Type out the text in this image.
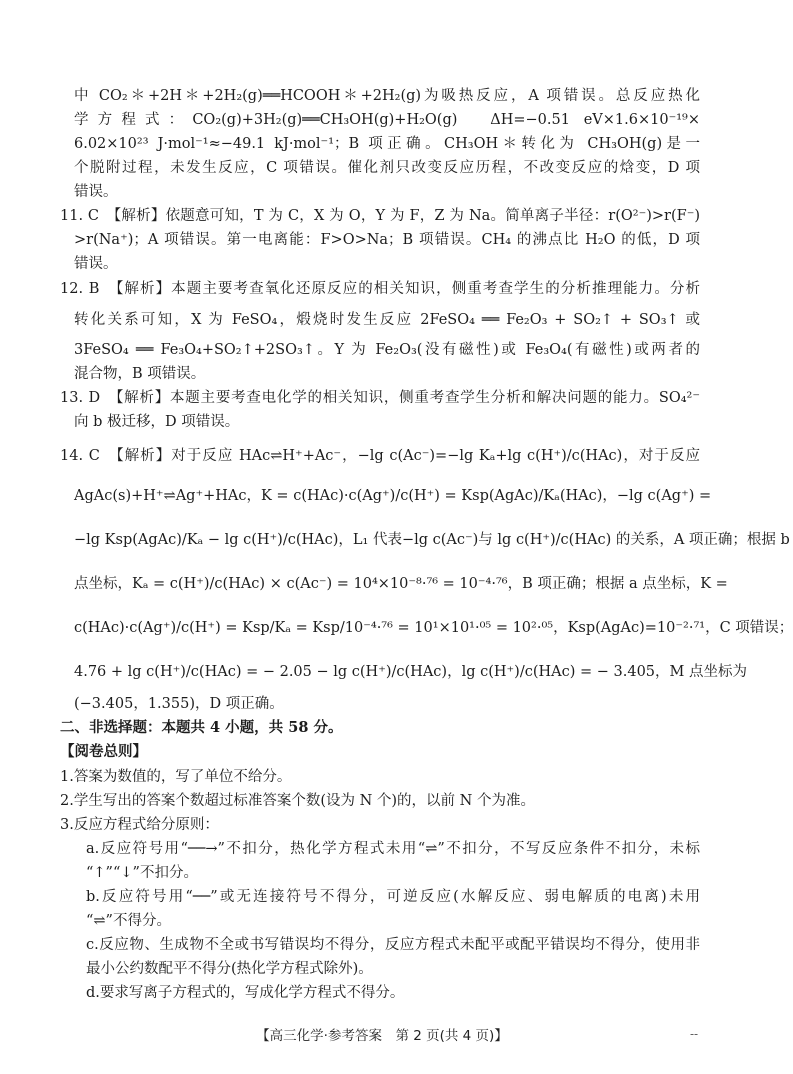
中 CO₂＊+2H＊+2H₂(g)══HCOOH＊+2H₂(g)为吸热反应，A 项错误。总反应热化
学方程式：CO₂(g)+3H₂(g)══CH₃OH(g)+H₂O(g)　ΔH=−0.51 eV×1.6×10⁻¹⁹×
6.02×10²³ J·mol⁻¹≈−49.1 kJ·mol⁻¹；B 项正确。CH₃OH＊转化为 CH₃OH(g)是一
个脱附过程，未发生反应，C 项错误。催化剂只改变反应历程，不改变反应的焓变，D 项
错误。
11. C　【解析】依题意可知，T 为 C，X 为 O，Y 为 F，Z 为 Na。简单离子半径：r(O²⁻)>r(F⁻)
>r(Na⁺)；A 项错误。第一电离能：F>O>Na；B 项错误。CH₄ 的沸点比 H₂O 的低，D 项
错误。
12. B　【解析】本题主要考查氧化还原反应的相关知识，侧重考查学生的分析推理能力。分析
转化关系可知，X 为 FeSO₄，煅烧时发生反应 2FeSO₄ ══ Fe₂O₃ + SO₂↑ + SO₃↑ 或
3FeSO₄ ══ Fe₃O₄+SO₂↑+2SO₃↑。Y 为 Fe₂O₃(没有磁性)或 Fe₃O₄(有磁性)或两者的
混合物，B 项错误。
13. D　【解析】本题主要考查电化学的相关知识，侧重考查学生分析和解决问题的能力。SO₄²⁻
向 b 极迁移，D 项错误。
14. C　【解析】对于反应 HAc⇌H⁺+Ac⁻，−lg c(Ac⁻)=−lg Kₐ+lg c(H⁺)/c(HAc)，对于反应
AgAc(s)+H⁺⇌Ag⁺+HAc，K = c(HAc)·c(Ag⁺)/c(H⁺) = Ksp(AgAc)/Kₐ(HAc)，−lg c(Ag⁺) =
−lg Ksp(AgAc)/Kₐ − lg c(H⁺)/c(HAc)，L₁ 代表−lg c(Ac⁻)与 lg c(H⁺)/c(HAc) 的关系，A 项正确；根据 b
点坐标，Kₐ = c(H⁺)/c(HAc) × c(Ac⁻) = 10⁴×10⁻⁸·⁷⁶ = 10⁻⁴·⁷⁶，B 项正确；根据 a 点坐标，K =
c(HAc)·c(Ag⁺)/c(H⁺) = Ksp/Kₐ = Ksp/10⁻⁴·⁷⁶ = 10¹×10¹·⁰⁵ = 10²·⁰⁵，Ksp(AgAc)=10⁻²·⁷¹，C 项错误；
4.76 + lg c(H⁺)/c(HAc) = − 2.05 − lg c(H⁺)/c(HAc)，lg c(H⁺)/c(HAc) = − 3.405，M 点坐标为
(−3.405，1.355)，D 项正确。
二、非选择题：本题共 4 小题，共 58 分。
【阅卷总则】
1.答案为数值的，写了单位不给分。
2.学生写出的答案个数超过标准答案个数(设为 N 个)的，以前 N 个为准。
3.反应方程式给分原则：
a.反应符号用“──→”不扣分，热化学方程式未用“⇌”不扣分，不写反应条件不扣分，未标
“↑”“↓”不扣分。
b.反应符号用“──”或无连接符号不得分，可逆反应(水解反应、弱电解质的电离)未用
“⇌”不得分。
c.反应物、生成物不全或书写错误均不得分，反应方程式未配平或配平错误均不得分，使用非
最小公约数配平不得分(热化学方程式除外)。
d.要求写离子方程式的，写成化学方程式不得分。
【高三化学·参考答案　第 2 页(共 4 页)】	--
